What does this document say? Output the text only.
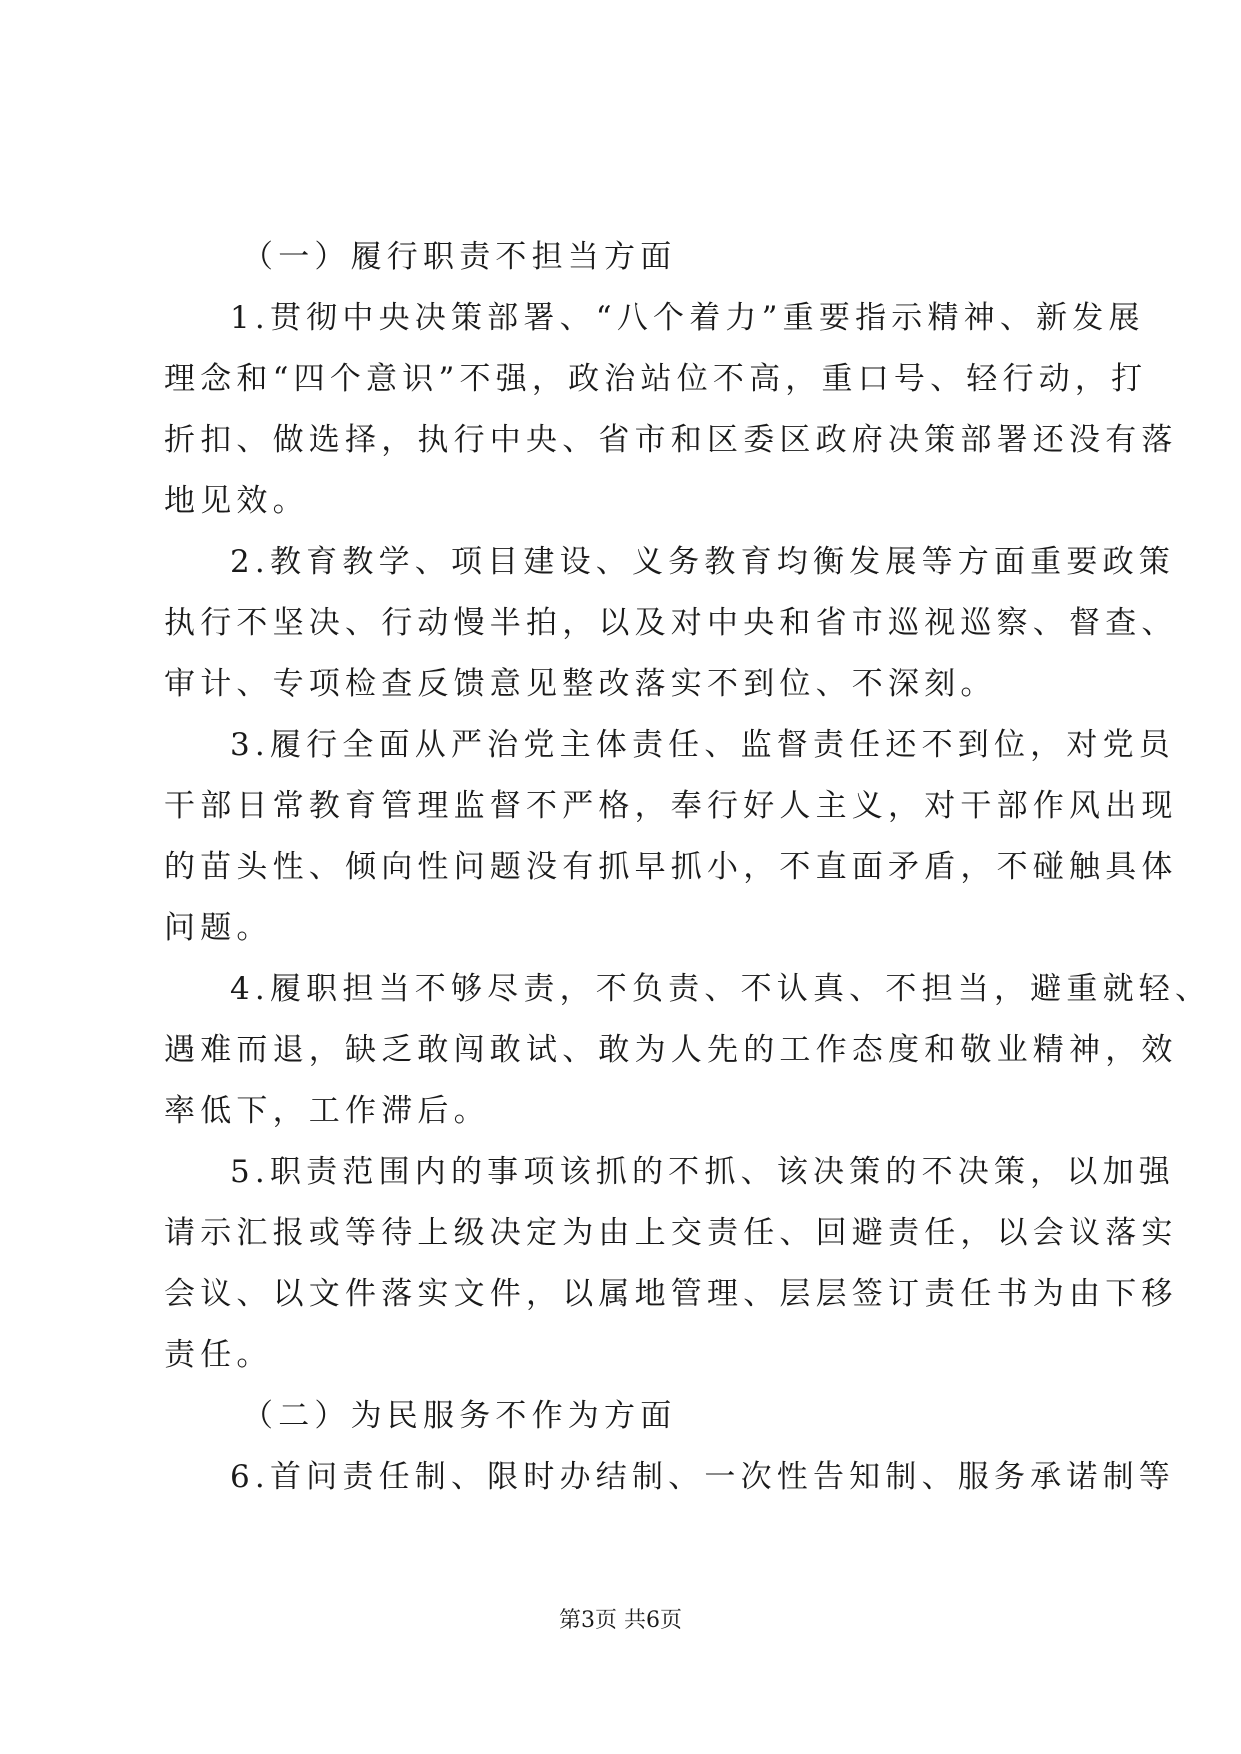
（一）履行职责不担当方面
1.贯彻中央决策部署、“八个着力”重要指示精神、新发展
理念和“四个意识”不强，政治站位不高，重口号、轻行动，打
折扣、做选择，执行中央、省市和区委区政府决策部署还没有落
地见效。
2.教育教学、项目建设、义务教育均衡发展等方面重要政策
执行不坚决、行动慢半拍，以及对中央和省市巡视巡察、督查、
审计、专项检查反馈意见整改落实不到位、不深刻。
3.履行全面从严治党主体责任、监督责任还不到位，对党员
干部日常教育管理监督不严格，奉行好人主义，对干部作风出现
的苗头性、倾向性问题没有抓早抓小，不直面矛盾，不碰触具体
问题。
4.履职担当不够尽责，不负责、不认真、不担当，避重就轻、
遇难而退，缺乏敢闯敢试、敢为人先的工作态度和敬业精神，效
率低下，工作滞后。
5.职责范围内的事项该抓的不抓、该决策的不决策，以加强
请示汇报或等待上级决定为由上交责任、回避责任，以会议落实
会议、以文件落实文件，以属地管理、层层签订责任书为由下移
责任。
（二）为民服务不作为方面
6.首问责任制、限时办结制、一次性告知制、服务承诺制等
第3页 共6页
